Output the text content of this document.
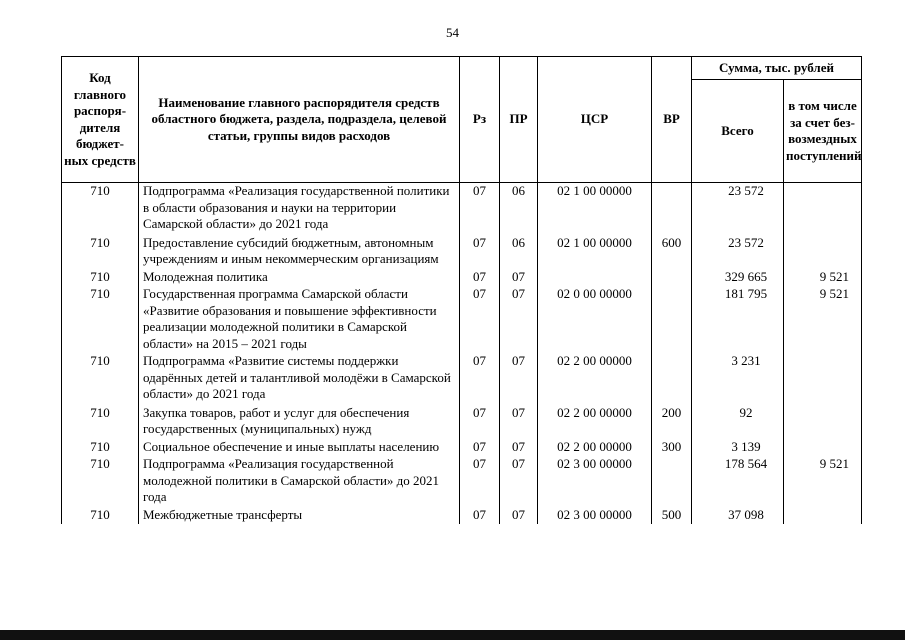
54
Код главного распоря-дителя бюджет-ных средств	Наименование главного распорядителя средств областного бюджета, раздела, подраздела, целевой статьи, группы видов расходов	Рз	ПР	ЦСР	ВР	Сумма, тыс. рублей	
						Всего	в том числе за счет без-возмездных поступлений
710	Подпрограмма «Реализация государственной политики в области образования и науки на территории Самарской области» до 2021 года	07	06	02 1 00 00000		23 572	
710	Предоставление субсидий бюджетным, автономным учреждениям и иным некоммерческим организациям	07	06	02 1 00 00000	600	23 572	
710	Молодежная политика	07	07			329 665	9 521
710	Государственная программа Самарской области «Развитие образования и повышение эффективности реализации молодежной политики в Самарской области» на 2015 – 2021 годы	07	07	02 0 00 00000		181 795	9 521
710	Подпрограмма «Развитие системы поддержки одарённых детей и талантливой молодёжи в Самарской области» до 2021 года	07	07	02 2 00 00000		3 231	
710	Закупка товаров, работ и услуг для обеспечения государственных (муниципальных) нужд	07	07	02 2 00 00000	200	92	
710	Социальное обеспечение и иные выплаты населению	07	07	02 2 00 00000	300	3 139	
710	Подпрограмма «Реализация государственной молодежной политики в Самарской области» до 2021 года	07	07	02 3 00 00000		178 564	9 521
710	Межбюджетные трансферты	07	07	02 3 00 00000	500	37 098	
